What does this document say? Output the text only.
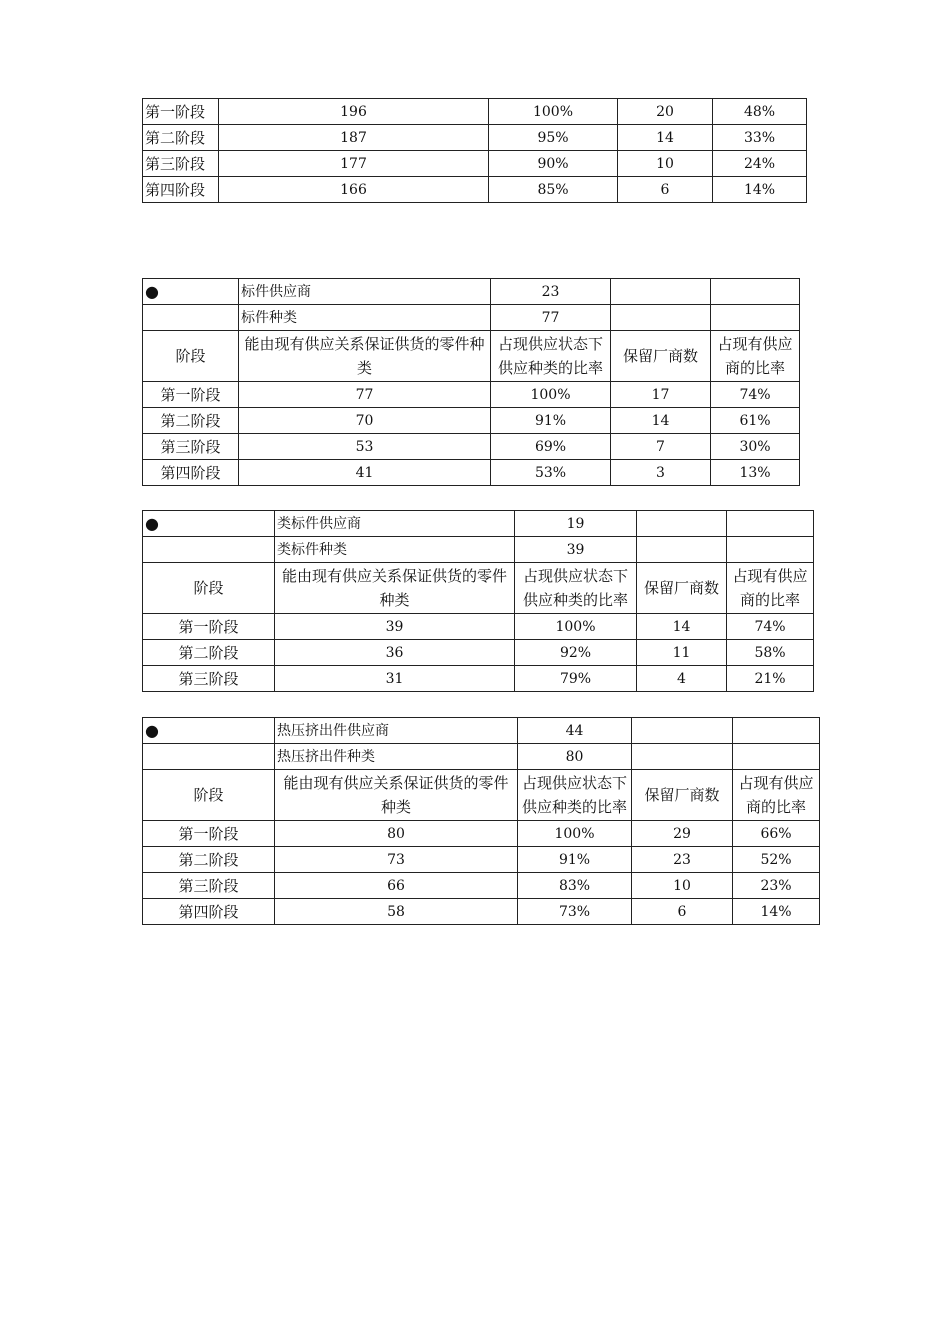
第一阶段	196	100%	20	48%
第二阶段	187	95%	14	33%
第三阶段	177	90%	10	24%
第四阶段	166	85%	6	14%
●	标件供应商	23		
	标件种类	77		
阶段	能由现有供应关系保证供货的零件种类	占现供应状态下供应种类的比率	保留厂商数	占现有供应商的比率
第一阶段	77	100%	17	74%
第二阶段	70	91%	14	61%
第三阶段	53	69%	7	30%
第四阶段	41	53%	3	13%
●	类标件供应商	19		
	类标件种类	39		
阶段	能由现有供应关系保证供货的零件种类	占现供应状态下供应种类的比率	保留厂商数	占现有供应商的比率
第一阶段	39	100%	14	74%
第二阶段	36	92%	11	58%
第三阶段	31	79%	4	21%
●	热压挤出件供应商	44		
	热压挤出件种类	80		
阶段	能由现有供应关系保证供货的零件种类	占现供应状态下供应种类的比率	保留厂商数	占现有供应商的比率
第一阶段	80	100%	29	66%
第二阶段	73	91%	23	52%
第三阶段	66	83%	10	23%
第四阶段	58	73%	6	14%
